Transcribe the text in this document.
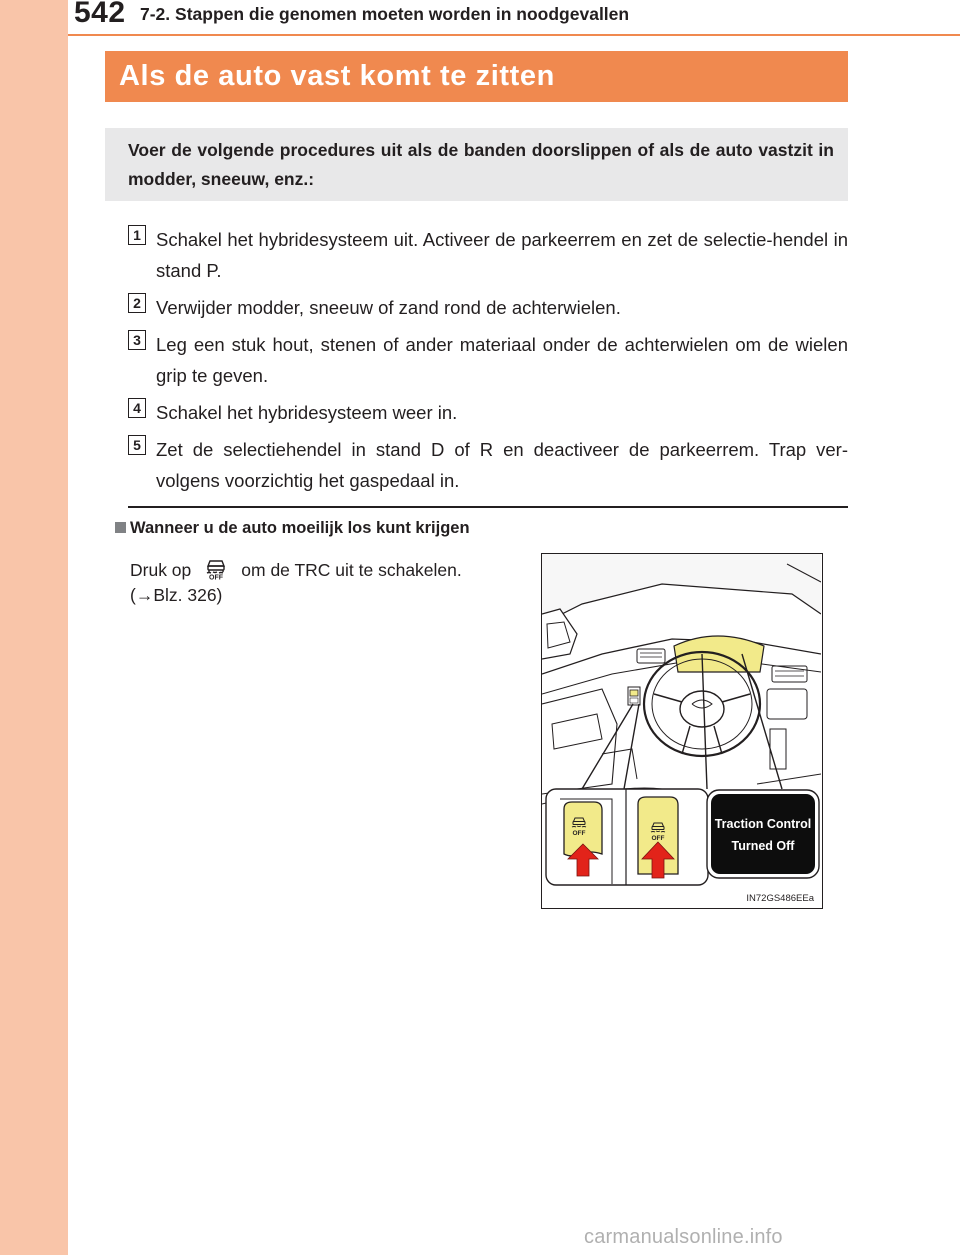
542 7-2. Stappen die genomen moeten worden in noodgevallen
Als de auto vast komt te zitten
Voer de volgende procedures uit als de banden doorslippen of als de auto vastzit in modder, sneeuw, enz.:
1 Schakel het hybridesysteem uit. Activeer de parkeerrem en zet de selectie-hendel in stand P.
2 Verwijder modder, sneeuw of zand rond de achterwielen.
3 Leg een stuk hout, stenen of ander materiaal onder de achterwielen om de wielen grip te geven.
4 Schakel het hybridesysteem weer in.
5 Zet de selectiehendel in stand D of R en deactiveer de parkeerrem. Trap ver-volgens voorzichtig het gaspedaal in.
Wanneer u de auto moeilijk los kunt krijgen
Druk op	OFF om de TRC uit te schakelen.
(→Blz. 326)
OFF
OFF
Traction Control
Turned Off
IN72GS486EEa
carmanualsonline.info
